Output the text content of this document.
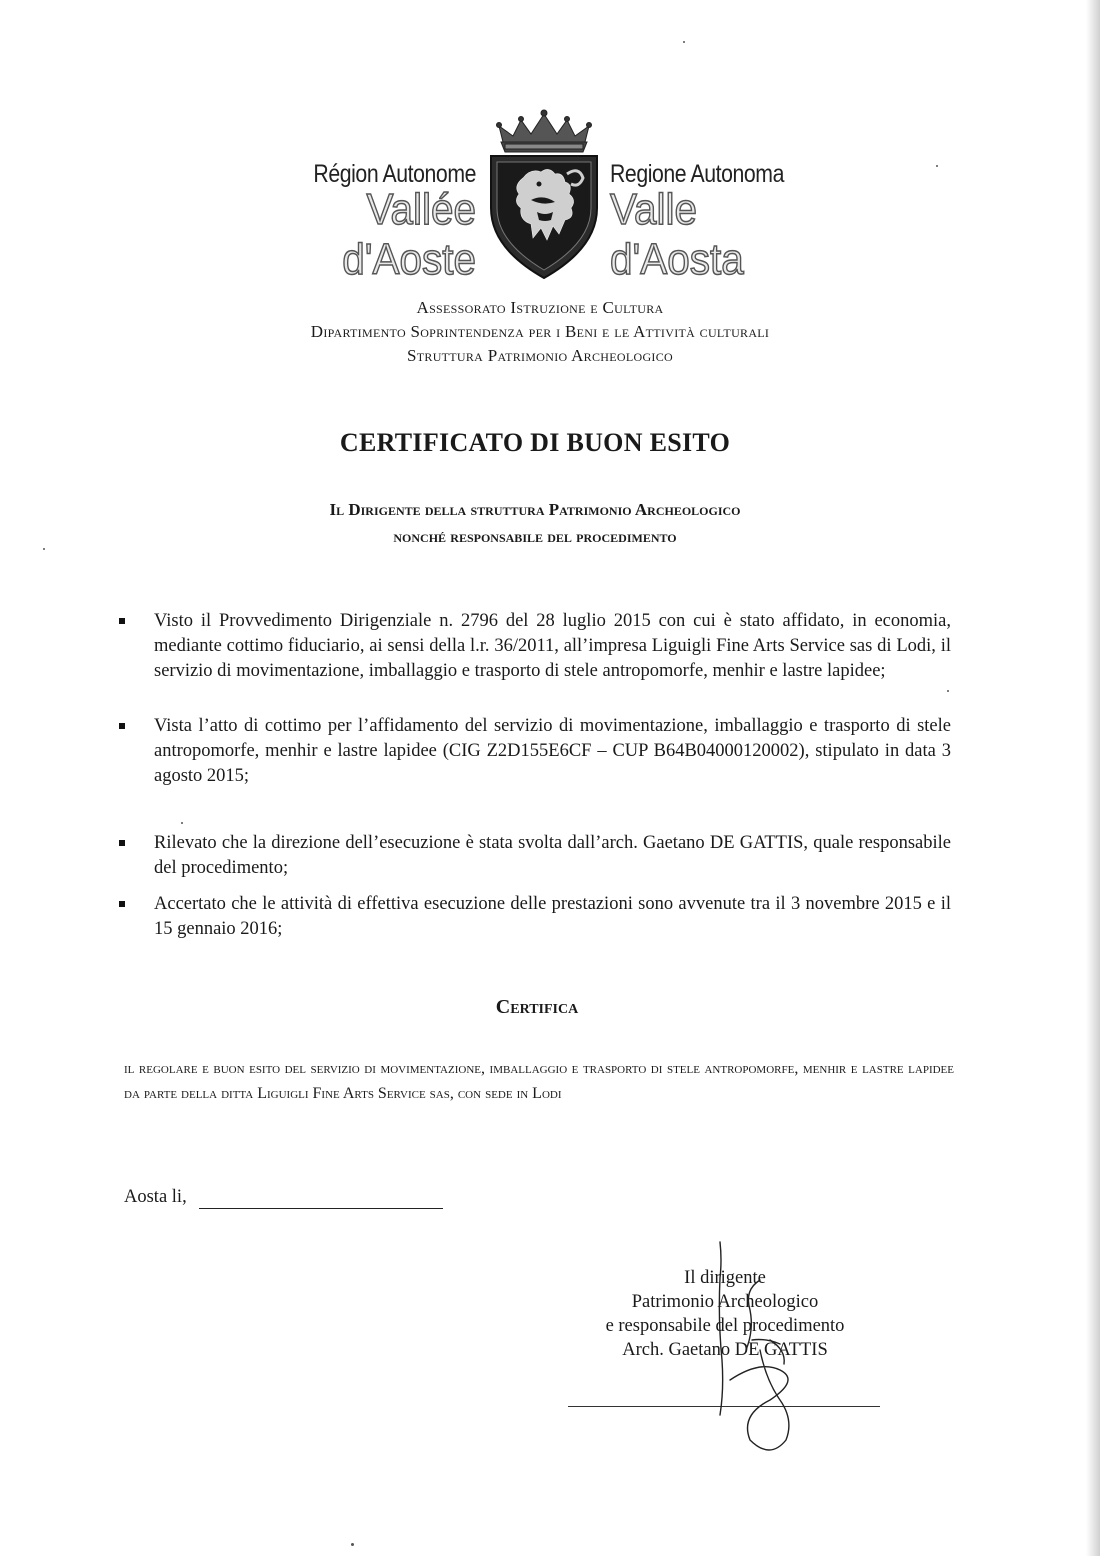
Région Autonome
Vallée d'Aoste
Regione Autonoma
Valle d'Aosta
Assessorato Istruzione e Cultura
Dipartimento Soprintendenza per i Beni e le Attività culturali
Struttura Patrimonio Archeologico
CERTIFICATO DI BUON ESITO
Il Dirigente della struttura Patrimonio Archeologico
nonché responsabile del procedimento
Visto il Provvedimento Dirigenziale n. 2796 del 28 luglio 2015 con cui è stato affidato, in economia, mediante cottimo fiduciario, ai sensi della l.r. 36/2011, all’impresa Liguigli Fine Arts Service sas di Lodi, il servizio di movimentazione, imballaggio e trasporto di stele antropomorfe, menhir e lastre lapidee;
Vista l’atto di cottimo per l’affidamento del servizio di movimentazione, imballaggio e trasporto di stele antropomorfe, menhir e lastre lapidee (CIG Z2D155E6CF – CUP B64B04000120002), stipulato in data 3 agosto 2015;
Rilevato che la direzione dell’esecuzione è stata svolta dall’arch. Gaetano DE GATTIS, quale responsabile del procedimento;
Accertato che le attività di effettiva esecuzione delle prestazioni sono avvenute tra il 3 novembre 2015 e il 15 gennaio 2016;
Certifica
il regolare e buon esito del servizio di movimentazione, imballaggio e trasporto di stele antropomorfe, menhir e lastre lapidee da parte della ditta Liguigli Fine Arts Service sas, con sede in Lodi
Aosta li,
Il dirigente
Patrimonio Archeologico
e responsabile del procedimento
Arch. Gaetano DE GATTIS
